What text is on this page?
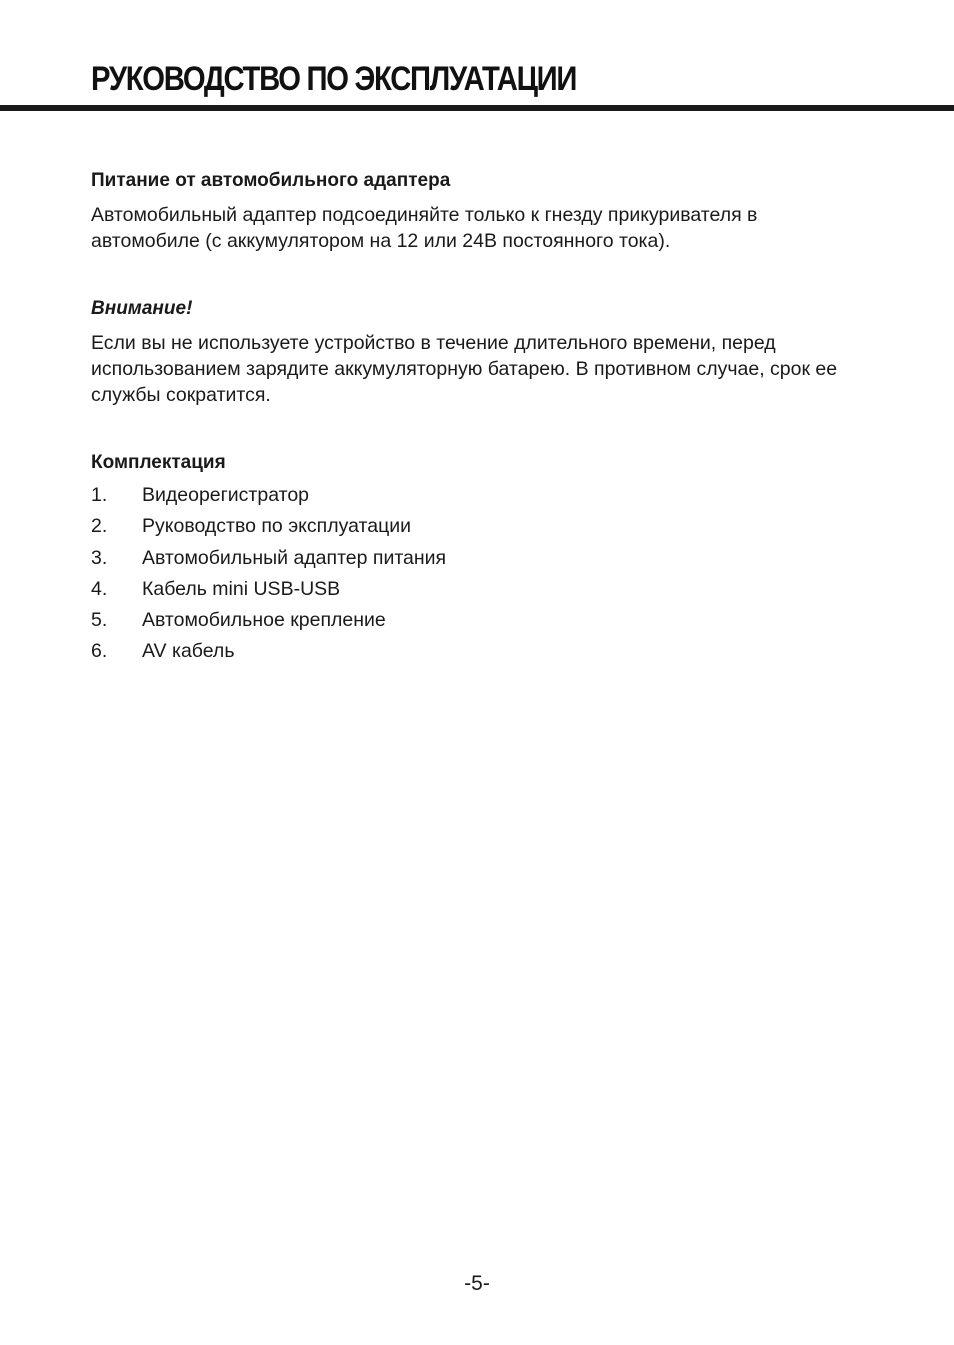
РУКОВОДСТВО ПО ЭКСПЛУАТАЦИИ

Питание от автомобильного адаптера

Автомобильный адаптер подсоединяйте только к гнезду прикуривателя в автомобиле (с аккумулятором на 12 или 24В постоянного тока).

Внимание!

Если вы не используете устройство в течение длительного времени, перед использованием зарядите аккумуляторную батарею. В противном случае, срок ее службы сократится.

Комплектация

1.	Видеорегистратор
2.	Руководство по эксплуатации
3.	Автомобильный адаптер питания
4.	Кабель mini USB-USB
5.	Автомобильное крепление
6.	AV кабель
-5-
